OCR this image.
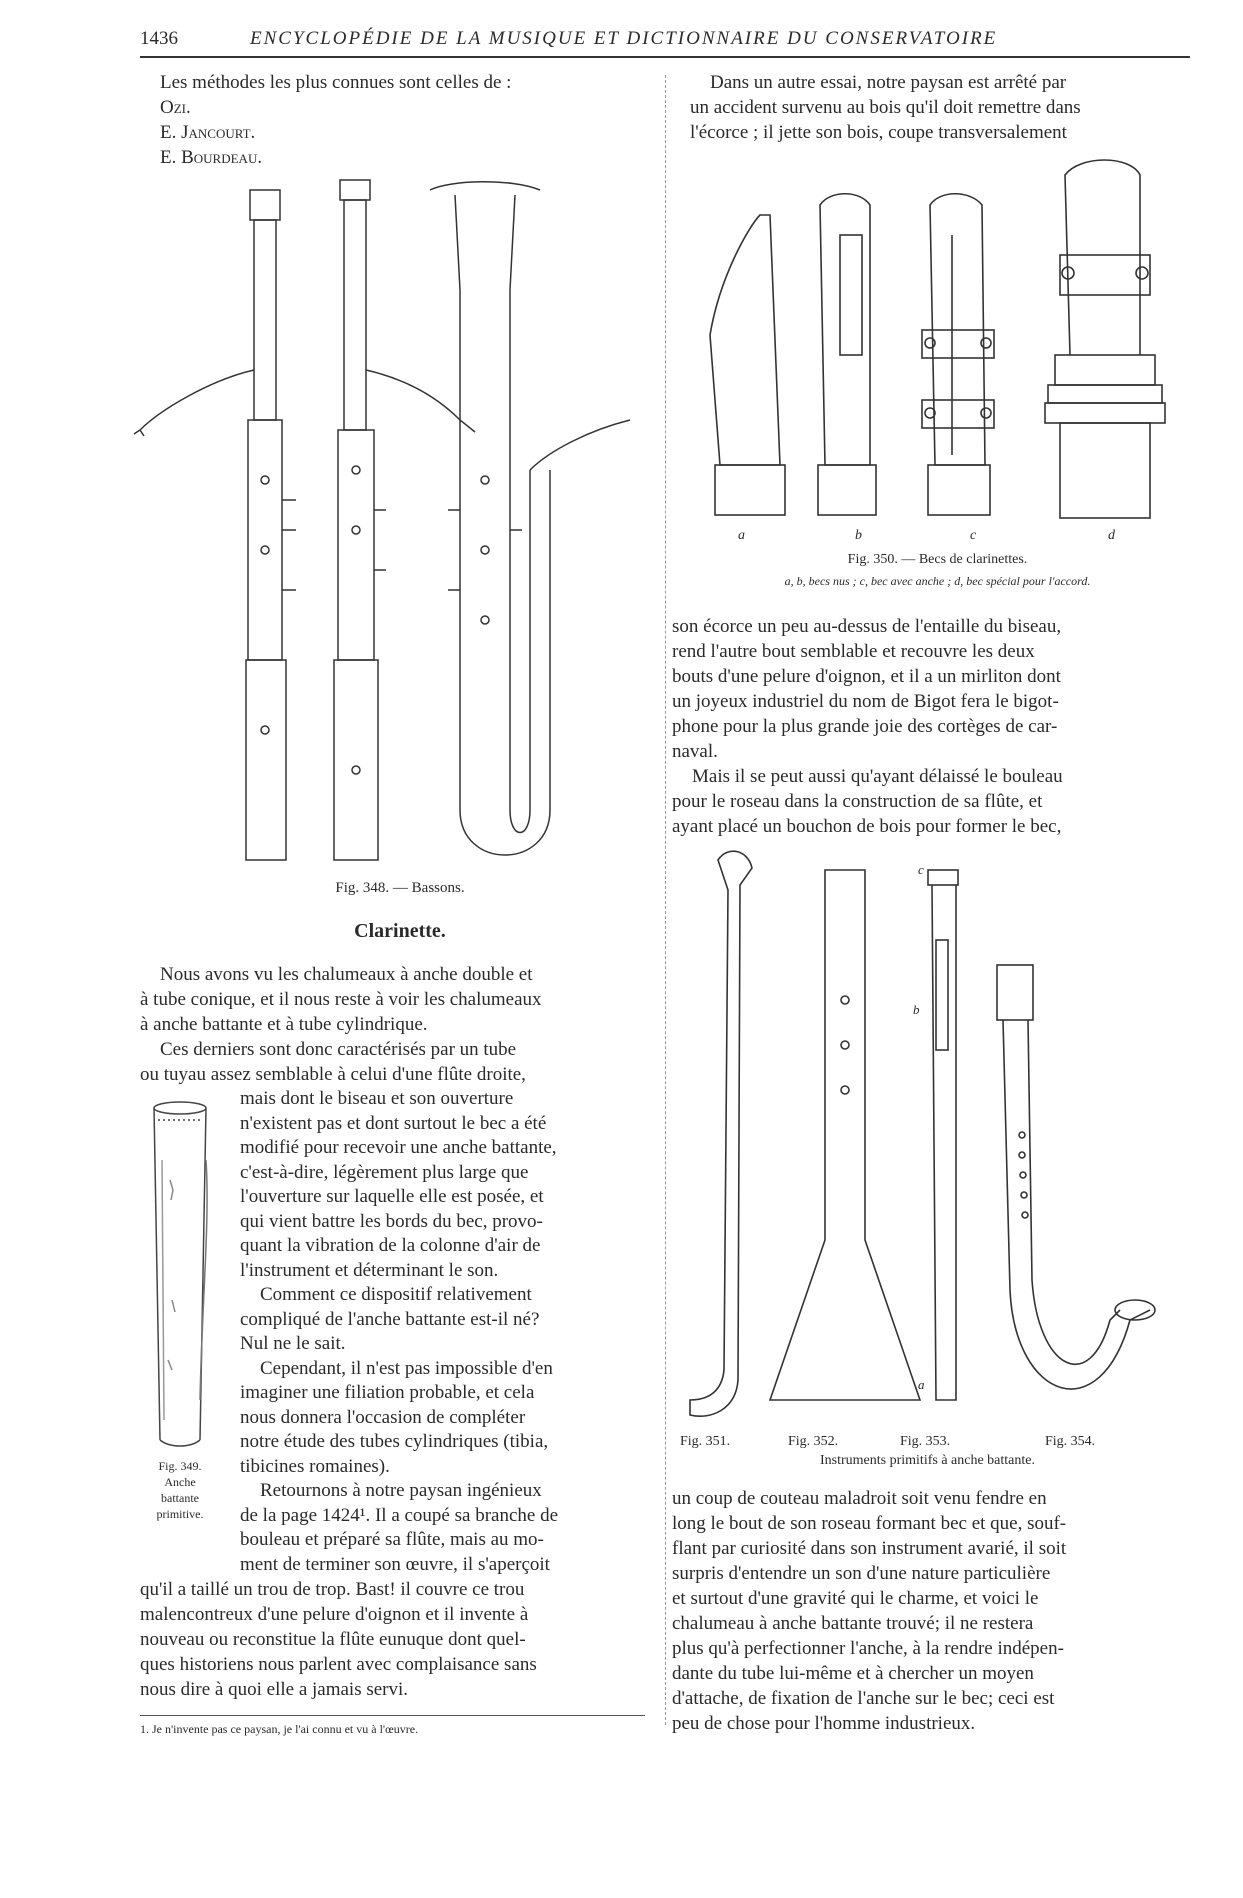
1436	ENCYCLOPÉDIE DE LA MUSIQUE ET DICTIONNAIRE DU CONSERVATOIRE
Les méthodes les plus connues sont celles de :
Ozi.
E. Jancourt.
E. Bourdeau.
Fig. 348. — Bassons.
Clarinette.
Nous avons vu les chalumeaux à anche double et
à tube conique, et il nous reste à voir les chalumeaux
à anche battante et à tube cylindrique.
Ces derniers sont donc caractérisés par un tube
ou tuyau assez semblable à celui d'une flûte droite,
Fig. 349.
Anche
battante
primitive.
mais dont le biseau et son ouverture
n'existent pas et dont surtout le bec a été
modifié pour recevoir une anche battante,
c'est-à-dire, légèrement plus large que
l'ouverture sur laquelle elle est posée, et
qui vient battre les bords du bec, provo-
quant la vibration de la colonne d'air de
l'instrument et déterminant le son.
Comment ce dispositif relativement
compliqué de l'anche battante est-il né?
Nul ne le sait.
Cependant, il n'est pas impossible d'en
imaginer une filiation probable, et cela
nous donnera l'occasion de compléter
notre étude des tubes cylindriques (tibia,
tibicines romaines).
Retournons à notre paysan ingénieux
de la page 1424¹. Il a coupé sa branche de
bouleau et préparé sa flûte, mais au mo-
ment de terminer son œuvre, il s'aperçoit
qu'il a taillé un trou de trop. Bast! il couvre ce trou
malencontreux d'une pelure d'oignon et il invente à
nouveau ou reconstitue la flûte eunuque dont quel-
ques historiens nous parlent avec complaisance sans
nous dire à quoi elle a jamais servi.
1. Je n'invente pas ce paysan, je l'ai connu et vu à l'œuvre.
Dans un autre essai, notre paysan est arrêté par
un accident survenu au bois qu'il doit remettre dans
l'écorce ; il jette son bois, coupe transversalement
a	b	c	d
Fig. 350. — Becs de clarinettes.
a, b, becs nus ; c, bec avec anche ; d, bec spécial pour l'accord.
son écorce un peu au-dessus de l'entaille du biseau,
rend l'autre bout semblable et recouvre les deux
bouts d'une pelure d'oignon, et il a un mirliton dont
un joyeux industriel du nom de Bigot fera le bigot-
phone pour la plus grande joie des cortèges de car-
naval.
Mais il se peut aussi qu'ayant délaissé le bouleau
pour le roseau dans la construction de sa flûte, et
ayant placé un bouchon de bois pour former le bec,
c
b
a
Fig. 351.	Fig. 352.	Fig. 353.	Fig. 354.
Instruments primitifs à anche battante.
un coup de couteau maladroit soit venu fendre en
long le bout de son roseau formant bec et que, souf-
flant par curiosité dans son instrument avarié, il soit
surpris d'entendre un son d'une nature particulière
et surtout d'une gravité qui le charme, et voici le
chalumeau à anche battante trouvé; il ne restera
plus qu'à perfectionner l'anche, à la rendre indépen-
dante du tube lui-même et à chercher un moyen
d'attache, de fixation de l'anche sur le bec; ceci est
peu de chose pour l'homme industrieux.
